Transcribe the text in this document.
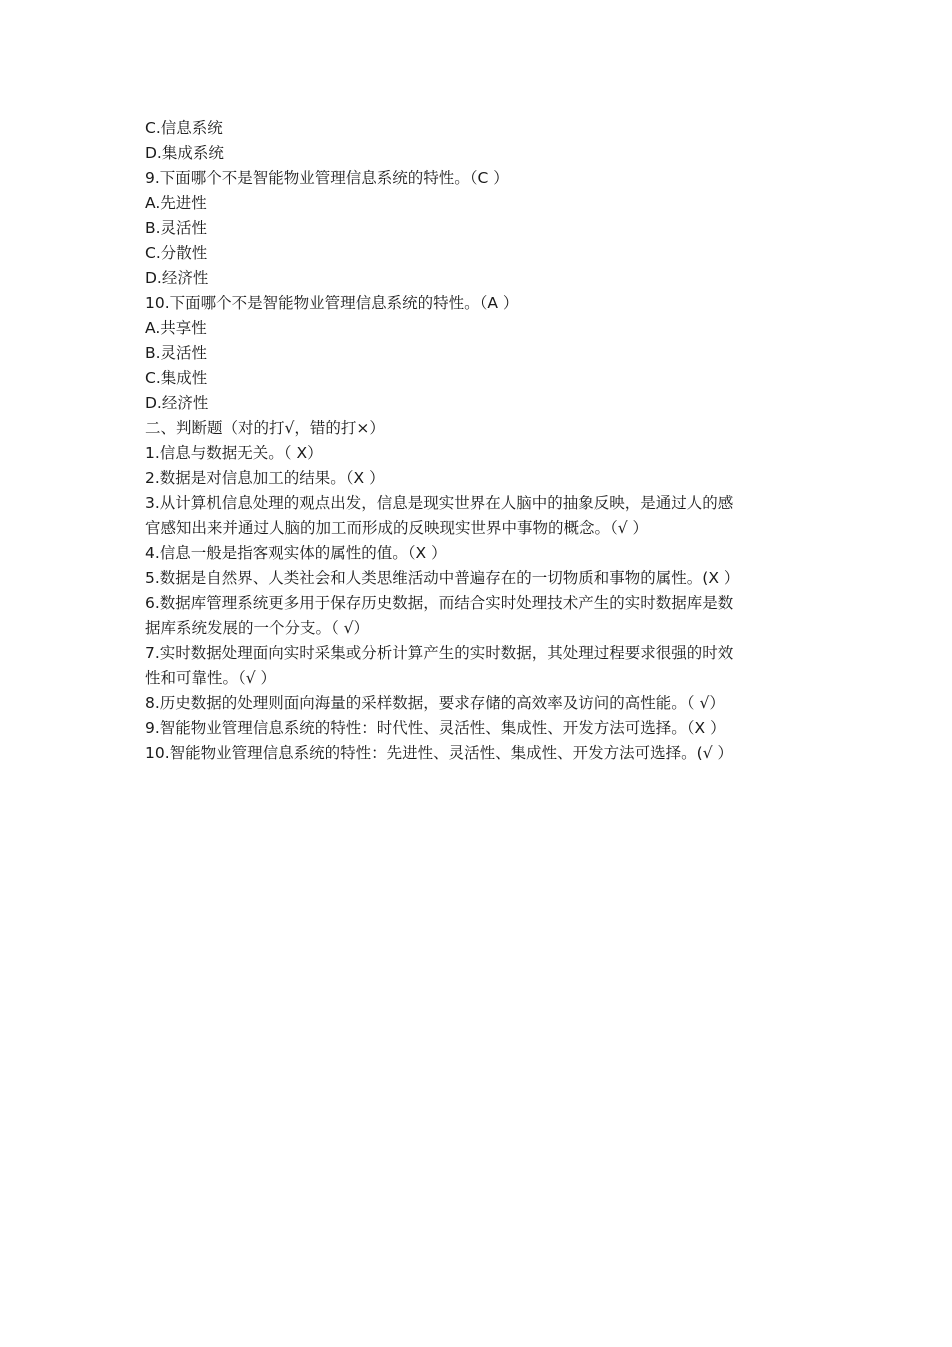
C.信息系统
D.集成系统
9.下面哪个不是智能物业管理信息系统的特性。（C ）
A.先进性
B.灵活性
C.分散性
D.经济性
10.下面哪个不是智能物业管理信息系统的特性。（A ）
A.共享性
B.灵活性
C.集成性
D.经济性
二、判断题（对的打√，错的打×）
1.信息与数据无关。（ X）
2.数据是对信息加工的结果。（X ）
3.从计算机信息处理的观点出发，信息是现实世界在人脑中的抽象反映，是通过人的感
官感知出来并通过人脑的加工而形成的反映现实世界中事物的概念。（√ ）
4.信息一般是指客观实体的属性的值。（X ）
5.数据是自然界、人类社会和人类思维活动中普遍存在的一切物质和事物的属性。(X ）
6.数据库管理系统更多用于保存历史数据，而结合实时处理技术产生的实时数据库是数
据库系统发展的一个分支。（ √）
7.实时数据处理面向实时采集或分析计算产生的实时数据，其处理过程要求很强的时效
性和可靠性。（√ ）
8.历史数据的处理则面向海量的采样数据，要求存储的高效率及访问的高性能。（ √）
9.智能物业管理信息系统的特性：时代性、灵活性、集成性、开发方法可选择。（X ）
10.智能物业管理信息系统的特性：先进性、灵活性、集成性、开发方法可选择。(√ ）
